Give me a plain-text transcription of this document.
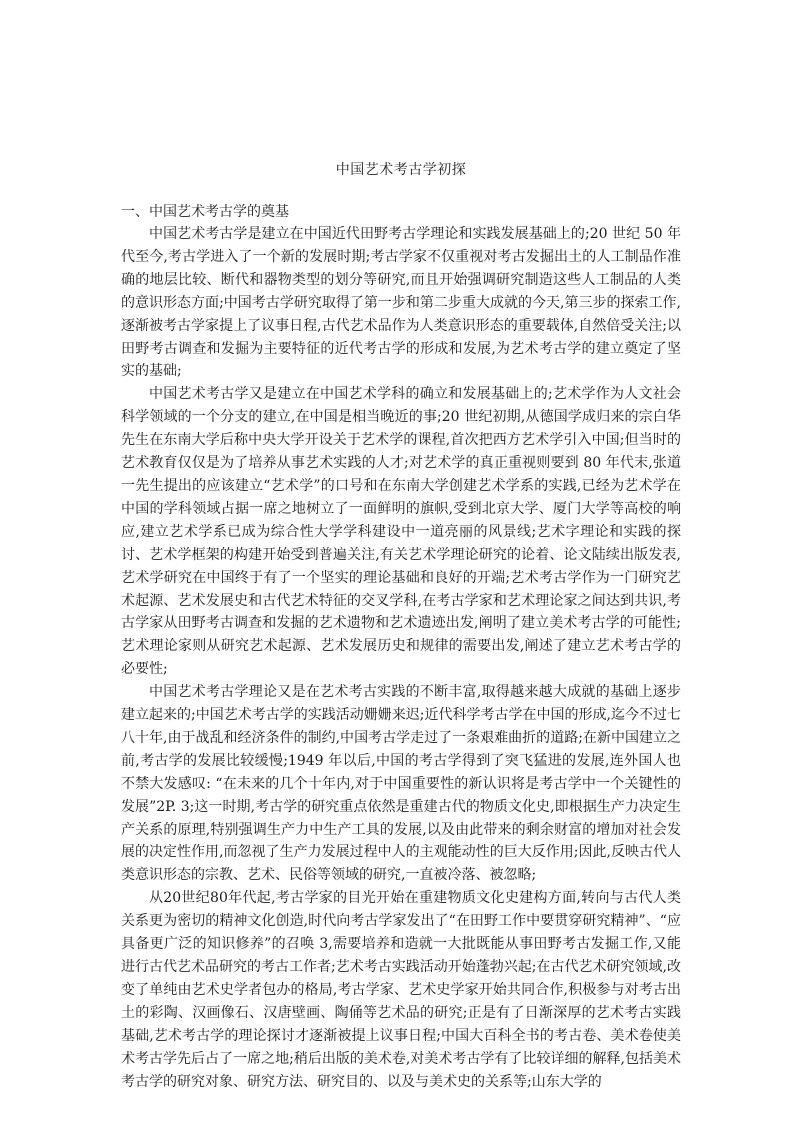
中国艺术考古学初探
一、中国艺术考古学的奠基

中国艺术考古学是建立在中国近代田野考古学理论和实践发展基础上的;20 世纪 50 年代至今,考古学进入了一个新的发展时期;考古学家不仅重视对考古发掘出土的人工制品作准确的地层比较、断代和器物类型的划分等研究,而且开始强调研究制造这些人工制品的人类的意识形态方面;中国考古学研究取得了第一步和第二步重大成就的今天,第三步的探索工作,逐渐被考古学家提上了议事日程,古代艺术品作为人类意识形态的重要载体,自然倍受关注;以田野考古调查和发掘为主要特征的近代考古学的形成和发展,为艺术考古学的建立奠定了坚实的基础;

中国艺术考古学又是建立在中国艺术学科的确立和发展基础上的;艺术学作为人文社会科学领域的一个分支的建立,在中国是相当晚近的事;20 世纪初期,从德国学成归来的宗白华先生在东南大学后称中央大学开设关于艺术学的课程,首次把西方艺术学引入中国;但当时的艺术教育仅仅是为了培养从事艺术实践的人才;对艺术学的真正重视则要到 80 年代末,张道一先生提出的应该建立“艺术学”的口号和在东南大学创建艺术学系的实践,已经为艺术学在中国的学科领域占据一席之地树立了一面鲜明的旗帜,受到北京大学、厦门大学等高校的响应,建立艺术学系已成为综合性大学学科建设中一道亮丽的风景线;艺术字理论和实践的探讨、艺术学框架的构建开始受到普遍关注,有关艺术学理论研究的论着、论文陆续出版发表,艺术学研究在中国终于有了一个坚实的理论基础和良好的开端;艺术考古学作为一门研究艺术起源、艺术发展史和古代艺术特征的交叉学科,在考古学家和艺术理论家之间达到共识,考古学家从田野考古调查和发掘的艺术遗物和艺术遗迹出发,阐明了建立美术考古学的可能性; 艺术理论家则从研究艺术起源、艺术发展历史和规律的需要出发,阐述了建立艺术考古学的必要性;

中国艺术考古学理论又是在艺术考古实践的不断丰富,取得越来越大成就的基础上逐步建立起来的;中国艺术考古学的实践活动姗姗来迟;近代科学考古学在中国的形成,迄今不过七八十年,由于战乱和经济条件的制约,中国考古学走过了一条艰难曲折的道路;在新中国建立之前,考古学的发展比较缓慢;1949 年以后,中国的考古学得到了突飞猛进的发展,连外国人也不禁大发感叹: “在未来的几个十年内,对于中国重要性的新认识将是考古学中一个关键性的发展”2P. 3;这一时期,考古学的研究重点依然是重建古代的物质文化史,即根据生产力决定生产关系的原理,特别强调生产力中生产工具的发展,以及由此带来的剩余财富的增加对社会发展的决定性作用,而忽视了生产力发展过程中人的主观能动性的巨大反作用;因此,反映古代人类意识形态的宗教、艺术、民俗等领域的研究,一直被冷落、被忽略;

从20世纪80年代起,考古学家的目光开始在重建物质文化史建构方面,转向与古代人类关系更为密切的精神文化创造,时代向考古学家发出了“在田野工作中要贯穿研究精神”、“应具备更广泛的知识修养”的召唤 3,需要培养和造就一大批既能从事田野考古发掘工作,又能进行古代艺术品研究的考古工作者;艺术考古实践活动开始蓬勃兴起;在古代艺术研究领域,改变了单纯由艺术史学者包办的格局,考古学家、艺术史学家开始共同合作,积极参与对考古出土的彩陶、汉画像石、汉唐壁画、陶俑等艺术品的研究;正是有了日渐深厚的艺术考古实践基础,艺术考古学的理论探讨才逐渐被提上议事日程;中国大百科全书的考古卷、美术卷使美术考古学先后占了一席之地;稍后出版的美术卷,对美术考古学有了比较详细的解释,包括美术考古学的研究对象、研究方法、研究目的、以及与美术史的关系等;山东大学的
